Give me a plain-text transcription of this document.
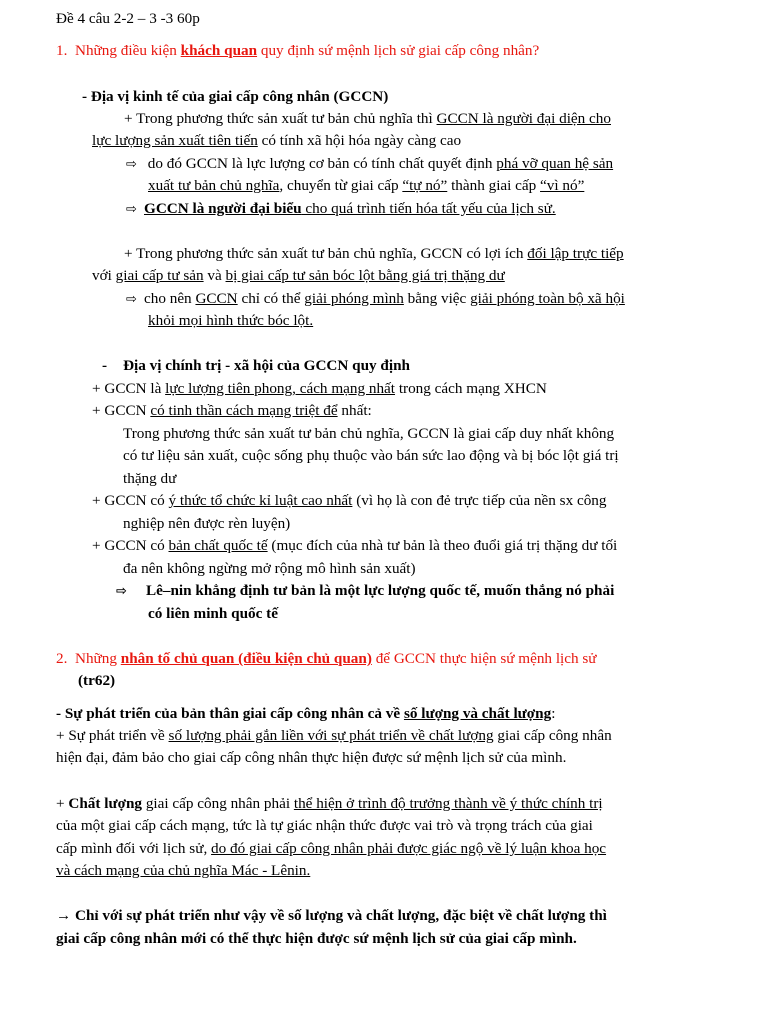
Đề 4 câu 2-2 – 3 -3 60p
1. Những điều kiện khách quan quy định sứ mệnh lịch sử giai cấp công nhân?
- Địa vị kinh tế của giai cấp công nhân (GCCN)
+ Trong phương thức sản xuất tư bản chủ nghĩa thì GCCN là người đại diện cho
lực lượng sản xuất tiên tiến có tính xã hội hóa ngày càng cao
⇨ do đó GCCN là lực lượng cơ bản có tính chất quyết định phá vỡ quan hệ sản
xuất tư bản chủ nghĩa, chuyển từ giai cấp “tự nó” thành giai cấp “vì nó”
⇨ GCCN là người đại biểu cho quá trình tiến hóa tất yếu của lịch sử.
+ Trong phương thức sản xuất tư bản chủ nghĩa, GCCN có lợi ích đối lập trực tiếp
với giai cấp tư sản và bị giai cấp tư sản bóc lột bằng giá trị thặng dư
⇨ cho nên GCCN chỉ có thể giải phóng mình bằng việc giải phóng toàn bộ xã hội
khỏi mọi hình thức bóc lột.
- Địa vị chính trị - xã hội của GCCN quy định
+ GCCN là lực lượng tiên phong, cách mạng nhất trong cách mạng XHCN
+ GCCN có tinh thần cách mạng triệt để nhất:
Trong phương thức sản xuất tư bản chủ nghĩa, GCCN là giai cấp duy nhất không
có tư liệu sản xuất, cuộc sống phụ thuộc vào bán sức lao động và bị bóc lột giá trị
thặng dư
+ GCCN có ý thức tổ chức kỉ luật cao nhất (vì họ là con đẻ trực tiếp của nền sx công
nghiệp nên được rèn luyện)
+ GCCN có bản chất quốc tế (mục đích của nhà tư bản là theo đuổi giá trị thặng dư tối
đa nên không ngừng mở rộng mô hình sản xuất)
⇨ Lê–nin khẳng định tư bản là một lực lượng quốc tế, muốn thắng nó phải
có liên minh quốc tế
2. Những nhân tố chủ quan (điều kiện chủ quan) để GCCN thực hiện sứ mệnh lịch sử
(tr62)
- Sự phát triển của bản thân giai cấp công nhân cả về số lượng và chất lượng:
+ Sự phát triển về số lượng phải gắn liền với sự phát triển về chất lượng giai cấp công nhân
hiện đại, đảm bảo cho giai cấp công nhân thực hiện được sứ mệnh lịch sử của mình.
+ Chất lượng giai cấp công nhân phải thể hiện ở trình độ trưởng thành về ý thức chính trị
của một giai cấp cách mạng, tức là tự giác nhận thức được vai trò và trọng trách của giai
cấp mình đối với lịch sử, do đó giai cấp công nhân phải được giác ngộ về lý luận khoa học
và cách mạng của chủ nghĩa Mác - Lênin.
→ Chỉ với sự phát triển như vậy về số lượng và chất lượng, đặc biệt về chất lượng thì
giai cấp công nhân mới có thể thực hiện được sứ mệnh lịch sử của giai cấp mình.
